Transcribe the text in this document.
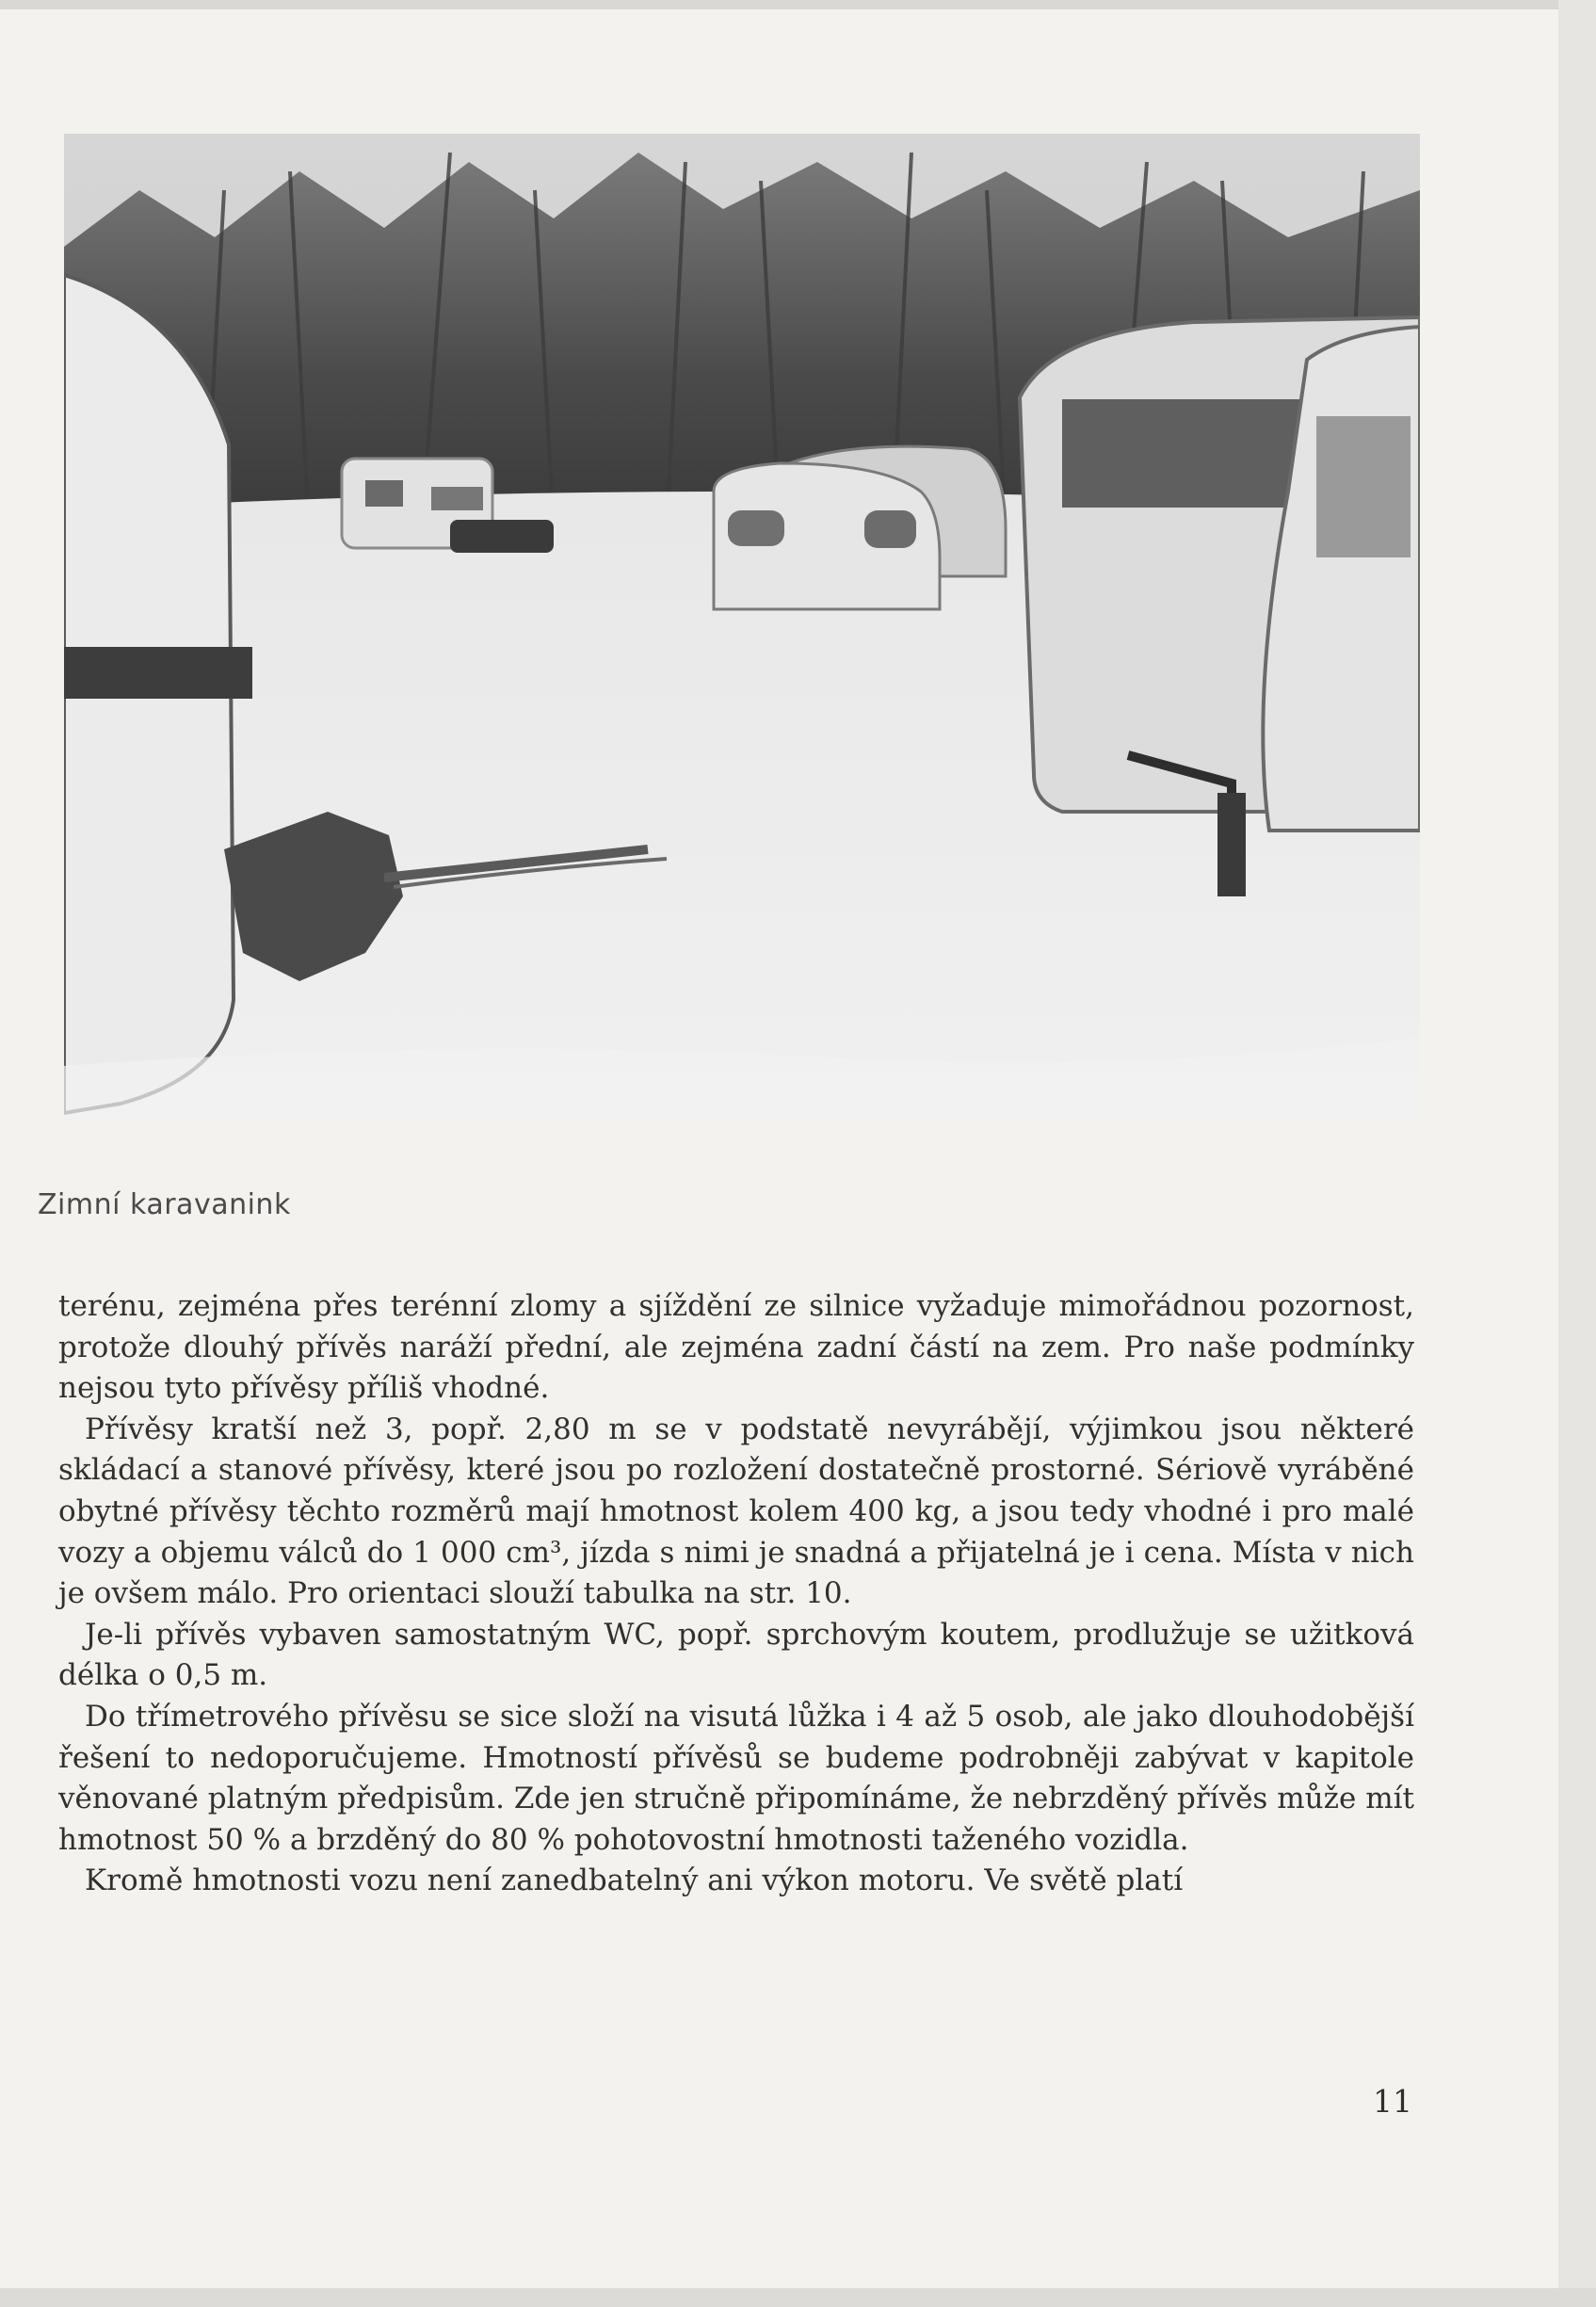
Zimní karavanink

terénu, zejména přes terénní zlomy a sjíždění ze silnice vyžaduje mimořádnou pozornost, protože dlouhý přívěs naráží přední, ale zejména zadní částí na zem. Pro naše podmínky nejsou tyto přívěsy příliš vhodné.

Přívěsy kratší než 3, popř. 2,80 m se v podstatě nevyrábějí, výjimkou jsou některé skládací a stanové přívěsy, které jsou po rozložení dostatečně prostorné. Sériově vyráběné obytné přívěsy těchto rozměrů mají hmotnost kolem 400 kg, a jsou tedy vhodné i pro malé vozy a objemu válců do 1 000 cm³, jízda s nimi je snadná a přijatelná je i cena. Místa v nich je ovšem málo. Pro orientaci slouží tabulka na str. 10.

Je-li přívěs vybaven samostatným WC, popř. sprchovým koutem, prodlužuje se užitková délka o 0,5 m.

Do třímetrového přívěsu se sice složí na visutá lůžka i 4 až 5 osob, ale jako dlouhodobější řešení to nedoporučujeme. Hmotností přívěsů se budeme podrobněji zabývat v kapitole věnované platným předpisům. Zde jen stručně připomínáme, že nebrzděný přívěs může mít hmotnost 50 % a brzděný do 80 % pohotovostní hmotnosti taženého vozidla.

Kromě hmotnosti vozu není zanedbatelný ani výkon motoru. Ve světě platí

11
